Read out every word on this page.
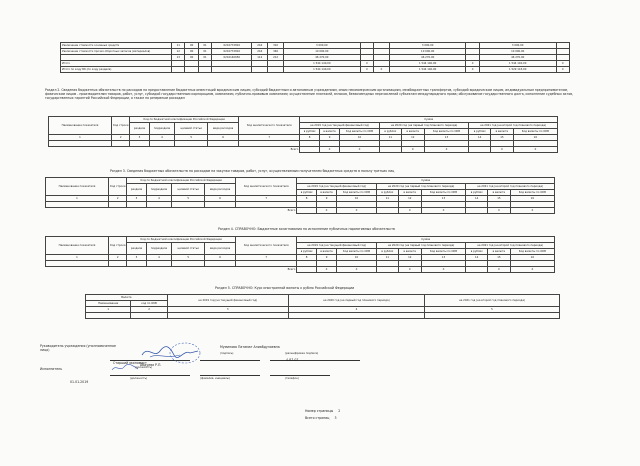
Увеличение стоимости основных средств	11	00	01	0210772810	244	310	3 000,00			3 000,00		3 000,00	
Увеличение стоимости прочих оборотных запасов (материалов)	12	00	01	0210772810	244	346	10 000,00			10 000,00		10 000,00	
	13	00	01	0210140650	112	212	46 270,00			46 270,00		46 270,00	
Итого							1 544 140,00	X		1 544 140,00	X	1 544 140,00	X
Итого по коду БК (по коду раздела)							1 544 140,00	X	X	1 544 140,00	X	1 529 143,00	X
Раздел 2. Сведения бюджетных обязательств по расходам на предоставление бюджетных инвестиций юридическим лицам, субсидий бюджетным и автономным учреждениям, иным некоммерческим организациям, межбюджетных трансфертов, субсидий юридическим лицам, индивидуальным предпринимателям, физическим лицам - производителям товаров, работ, услуг, субсидий государственным корпорациям, компаниям, публично-правовым компаниям; осуществление платежей, взносов, безвозмездных перечислений субъектам международного права; обслуживание государственного долга, исполнение судебных актов, государственных гарантий Российской Федерации, а также по резервным расходам
Наименование показателя	Код строки	Код по бюджетной классификации Российской Федерации				Код аналитического показателя	Сумма								
		раздела	подраздела	целевой статьи	вида расходов		на 2019 год (на текущий финансовый год)			на 2020 год (на первый год планового периода)			на 2021 год (на второй год планового периода)		
							в рублях	в валюте	Код валюты по ОКВ	в рублях	в валюте	Код валюты по ОКВ	в рублях	в валюте	Код валюты по ОКВ
1	2	3	4	5	6	7	8	9	10	11	12	13	14	15	16

Всего								X	X		X	X		X	X
Раздел 3. Сведения бюджетных обязательств по расходам на закупки товаров, работ, услуг, осуществляемым получателем бюджетных средств в пользу третьих лиц
Наименование показателя	Код строки	Код по бюджетной классификации Российской Федерации				Код аналитического показателя	Сумма								
		раздела	подраздела	целевой статьи	вида расходов		на 2019 год (на текущий финансовый год)			на 2020 год (на первый год планового периода)			на 2021 год (на второй год планового периода)		
							в рублях	в валюте	Код валюты по ОКВ	в рублях	в валюте	Код валюты по ОКВ	в рублях	в валюте	Код валюты по ОКВ
1	2	3	4	5	6	7	8	9	10	11	12	13	14	15	16

Всего								X	X		X	X		X	X
Раздел 4. СПРАВОЧНО: Бюджетные ассигнования на исполнение публичных нормативных обязательств
Наименование показателя	Код строки	Код по бюджетной классификации Российской Федерации				Код аналитического показателя	Сумма								
		раздела	подраздела	целевой статьи	вида расходов		на 2019 год (на текущий финансовый год)			на 2020 год (на первый год планового периода)			на 2021 год (на второй год планового периода)		
							в рублях	в валюте	Код валюты по ОКВ	в рублях	в валюте	Код валюты по ОКВ	в рублях	в валюте	Код валюты по ОКВ
1	2	3	4	5	6	7	8	9	10	11	12	13	14	15	16

Всего								X	X		X	X		X	X
Раздел 5. СПРАВОЧНО: Курс иностранной валюты к рублю Российской Федерации
Валюта		на 2019 год (на текущий финансовый год)	на 2020 год (на первый год планового периода)	на 2021 год (на второй год планового периода)
Наименование	код по ОКВ			
1	2	3	4	5

Руководитель учреждения (уполномоченное лицо)
Муминова Патимат Алиабдулаевна
Старший экономист
(должность)
(подпись)	(расшифровка подписи)
Исполнитель
Абдуева Р.П.
4-87-07
(должность)	(фамилия, инициалы)	(телефон)
01.01.2019
Номер страницы 2
Всего страниц 3
